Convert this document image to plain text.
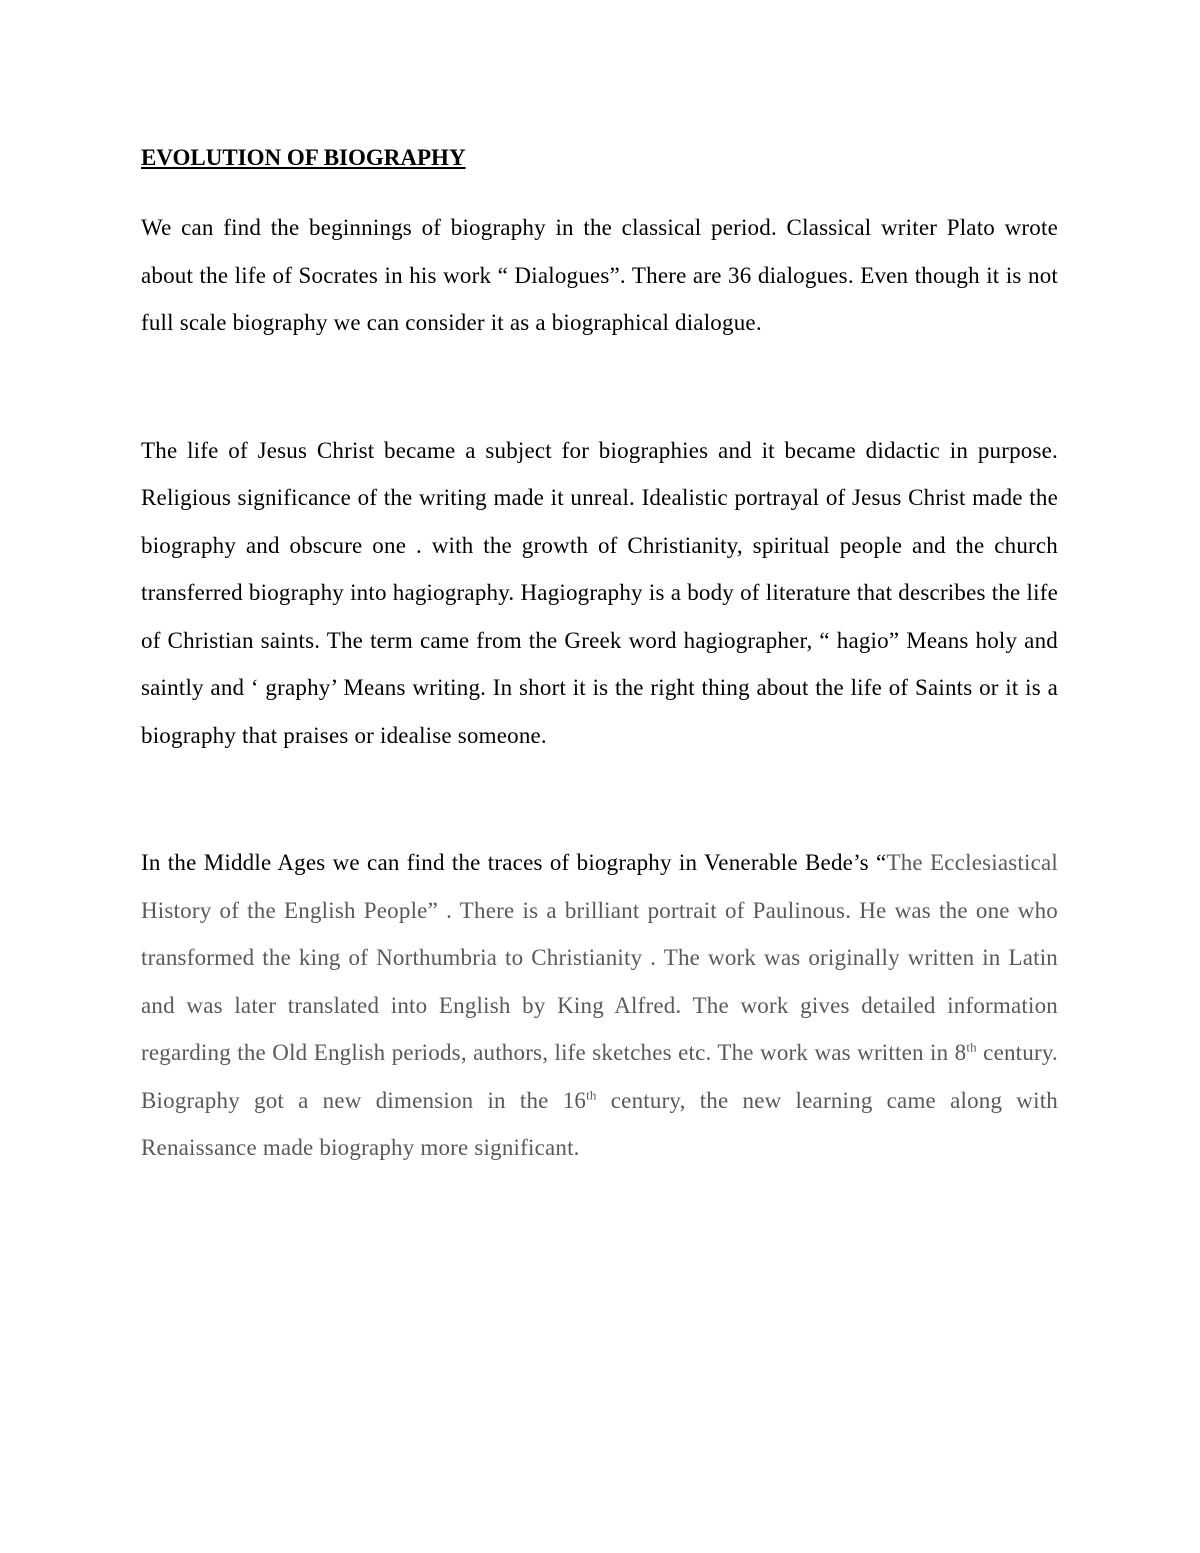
EVOLUTION OF BIOGRAPHY

We can find the beginnings of biography in the classical period. Classical writer Plato wrote about the life of Socrates in his work “ Dialogues”. There are 36 dialogues. Even though it is not full scale biography we can consider it as a biographical dialogue.

The life of Jesus Christ became a subject for biographies and it became didactic in purpose. Religious significance of the writing made it unreal. Idealistic portrayal of Jesus Christ made the biography and obscure one . with the growth of Christianity, spiritual people and the church transferred biography into hagiography. Hagiography is a body of literature that describes the life of Christian saints. The term came from the Greek word hagiographer, “ hagio” Means holy and saintly and ‘ graphy’ Means writing. In short it is the right thing about the life of Saints or it is a biography that praises or idealise someone.

In the Middle Ages we can find the traces of biography in Venerable Bede’s “The Ecclesiastical History of the English People” . There is a brilliant portrait of Paulinous. He was the one who transformed the king of Northumbria to Christianity . The work was originally written in Latin and was later translated into English by King Alfred. The work gives detailed information regarding the Old English periods, authors, life sketches etc. The work was written in 8th century. Biography got a new dimension in the 16th century, the new learning came along with Renaissance made biography more significant.
